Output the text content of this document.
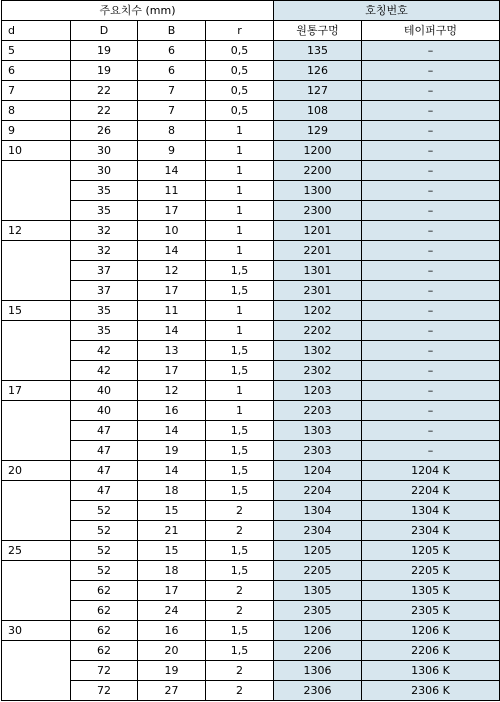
주요치수 (mm)				호칭번호	
d	D	B	r	원통구멍	테이퍼구멍
5	19	6	0,5	135	–
6	19	6	0,5	126	–
7	22	7	0,5	127	–
8	22	7	0,5	108	–
9	26	8	1	129	–
10	30	9	1	1200	–
	30	14	1	2200	–
	35	11	1	1300	–
	35	17	1	2300	–
12	32	10	1	1201	–
	32	14	1	2201	–
	37	12	1,5	1301	–
	37	17	1,5	2301	–
15	35	11	1	1202	–
	35	14	1	2202	–
	42	13	1,5	1302	–
	42	17	1,5	2302	–
17	40	12	1	1203	–
	40	16	1	2203	–
	47	14	1,5	1303	–
	47	19	1,5	2303	–
20	47	14	1,5	1204	1204 K
	47	18	1,5	2204	2204 K
	52	15	2	1304	1304 K
	52	21	2	2304	2304 K
25	52	15	1,5	1205	1205 K
	52	18	1,5	2205	2205 K
	62	17	2	1305	1305 K
	62	24	2	2305	2305 K
30	62	16	1,5	1206	1206 K
	62	20	1,5	2206	2206 K
	72	19	2	1306	1306 K
	72	27	2	2306	2306 K
